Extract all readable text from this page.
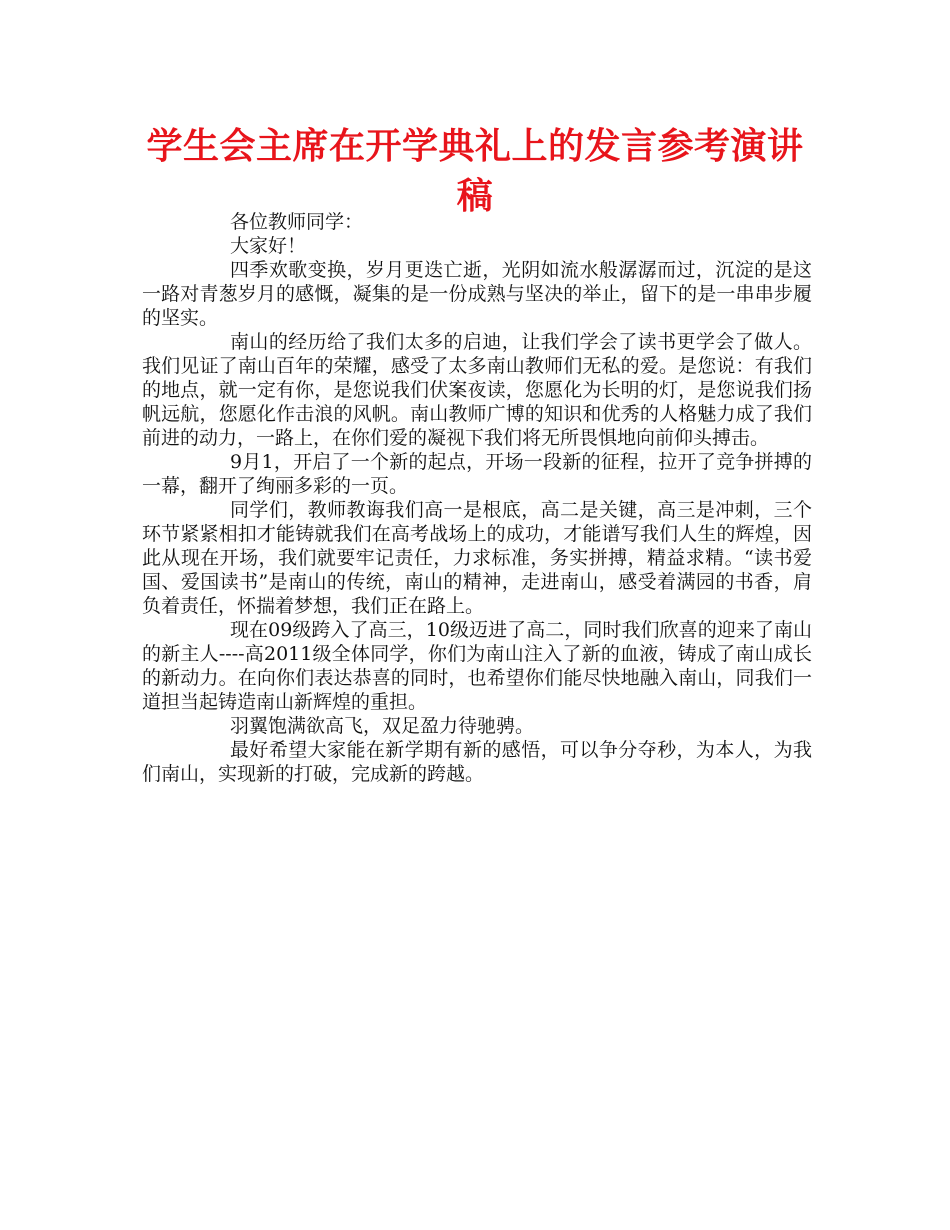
学生会主席在开学典礼上的发言参考演讲稿

各位教师同学：

大家好！

四季欢歌变换，岁月更迭亡逝，光阴如流水般潺潺而过，沉淀的是这一路对青葱岁月的感慨，凝集的是一份成熟与坚决的举止，留下的是一串串步履的坚实。

南山的经历给了我们太多的启迪，让我们学会了读书更学会了做人。我们见证了南山百年的荣耀，感受了太多南山教师们无私的爱。是您说：有我们的地点，就一定有你，是您说我们伏案夜读，您愿化为长明的灯，是您说我们扬帆远航，您愿化作击浪的风帆。南山教师广博的知识和优秀的人格魅力成了我们前进的动力，一路上，在你们爱的凝视下我们将无所畏惧地向前仰头搏击。

9月1，开启了一个新的起点，开场一段新的征程，拉开了竞争拼搏的一幕，翻开了绚丽多彩的一页。

同学们，教师教诲我们高一是根底，高二是关键，高三是冲刺，三个环节紧紧相扣才能铸就我们在高考战场上的成功，才能谱写我们人生的辉煌，因此从现在开场，我们就要牢记责任，力求标准，务实拼搏，精益求精。“读书爱国、爱国读书”是南山的传统，南山的精神，走进南山，感受着满园的书香，肩负着责任，怀揣着梦想，我们正在路上。

现在09级跨入了高三，10级迈进了高二，同时我们欣喜的迎来了南山的新主人----高2011级全体同学，你们为南山注入了新的血液，铸成了南山成长的新动力。在向你们表达恭喜的同时，也希望你们能尽快地融入南山，同我们一道担当起铸造南山新辉煌的重担。

羽翼饱满欲高飞，双足盈力待驰骋。

最好希望大家能在新学期有新的感悟，可以争分夺秒，为本人，为我们南山，实现新的打破，完成新的跨越。
